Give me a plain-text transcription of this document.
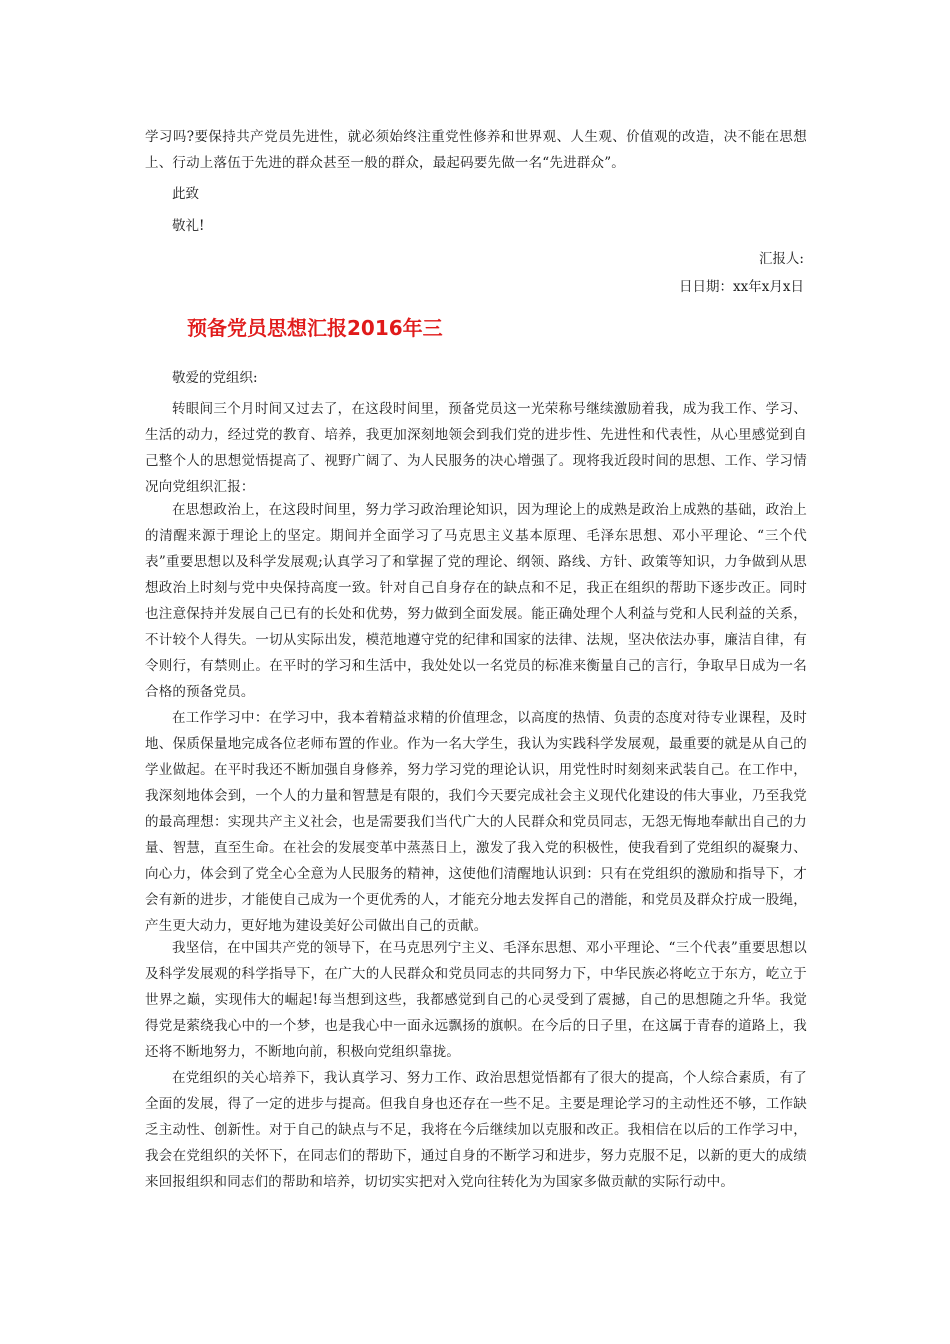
学习吗?要保持共产党员先进性，就必须始终注重党性修养和世界观、人生观、价值观的改造，决不能在思想上、行动上落伍于先进的群众甚至一般的群众，最起码要先做一名“先进群众”。

此致
敬礼!
汇报人:
日日期：xx年x月x日
预备党员思想汇报2016年三
敬爱的党组织:

转眼间三个月时间又过去了，在这段时间里，预备党员这一光荣称号继续激励着我，成为我工作、学习、生活的动力，经过党的教育、培养，我更加深刻地领会到我们党的进步性、先进性和代表性，从心里感觉到自己整个人的思想觉悟提高了、视野广阔了、为人民服务的决心增强了。现将我近段时间的思想、工作、学习情况向党组织汇报：

在思想政治上，在这段时间里，努力学习政治理论知识，因为理论上的成熟是政治上成熟的基础，政治上的清醒来源于理论上的坚定。期间并全面学习了马克思主义基本原理、毛泽东思想、邓小平理论、“三个代表”重要思想以及科学发展观;认真学习了和掌握了党的理论、纲领、路线、方针、政策等知识，力争做到从思想政治上时刻与党中央保持高度一致。针对自己自身存在的缺点和不足，我正在组织的帮助下逐步改正。同时也注意保持并发展自己已有的长处和优势，努力做到全面发展。能正确处理个人利益与党和人民利益的关系，不计较个人得失。一切从实际出发，模范地遵守党的纪律和国家的法律、法规，坚决依法办事，廉洁自律，有令则行，有禁则止。在平时的学习和生活中，我处处以一名党员的标准来衡量自己的言行，争取早日成为一名合格的预备党员。

在工作学习中：在学习中，我本着精益求精的价值理念，以高度的热情、负责的态度对待专业课程，及时地、保质保量地完成各位老师布置的作业。作为一名大学生，我认为实践科学发展观，最重要的就是从自己的学业做起。在平时我还不断加强自身修养，努力学习党的理论认识，用党性时时刻刻来武装自己。在工作中，我深刻地体会到，一个人的力量和智慧是有限的，我们今天要完成社会主义现代化建设的伟大事业，乃至我党的最高理想：实现共产主义社会，也是需要我们当代广大的人民群众和党员同志，无怨无悔地奉献出自己的力量、智慧，直至生命。在社会的发展变革中蒸蒸日上，激发了我入党的积极性，使我看到了党组织的凝聚力、向心力，体会到了党全心全意为人民服务的精神，这使他们清醒地认识到：只有在党组织的激励和指导下，才会有新的进步，才能使自己成为一个更优秀的人，才能充分地去发挥自己的潜能，和党员及群众拧成一股绳，产生更大动力，更好地为建设美好公司做出自己的贡献。

我坚信，在中国共产党的领导下，在马克思列宁主义、毛泽东思想、邓小平理论、“三个代表”重要思想以及科学发展观的科学指导下，在广大的人民群众和党员同志的共同努力下，中华民族必将屹立于东方，屹立于世界之巅，实现伟大的崛起!每当想到这些，我都感觉到自己的心灵受到了震撼，自己的思想随之升华。我觉得党是萦绕我心中的一个梦，也是我心中一面永远飘扬的旗帜。在今后的日子里，在这属于青春的道路上，我还将不断地努力，不断地向前，积极向党组织靠拢。

在党组织的关心培养下，我认真学习、努力工作、政治思想觉悟都有了很大的提高，个人综合素质，有了全面的发展，得了一定的进步与提高。但我自身也还存在一些不足。主要是理论学习的主动性还不够，工作缺乏主动性、创新性。对于自己的缺点与不足，我将在今后继续加以克服和改正。我相信在以后的工作学习中，我会在党组织的关怀下，在同志们的帮助下，通过自身的不断学习和进步，努力克服不足，以新的更大的成绩来回报组织和同志们的帮助和培养，切切实实把对入党向往转化为为国家多做贡献的实际行动中。
